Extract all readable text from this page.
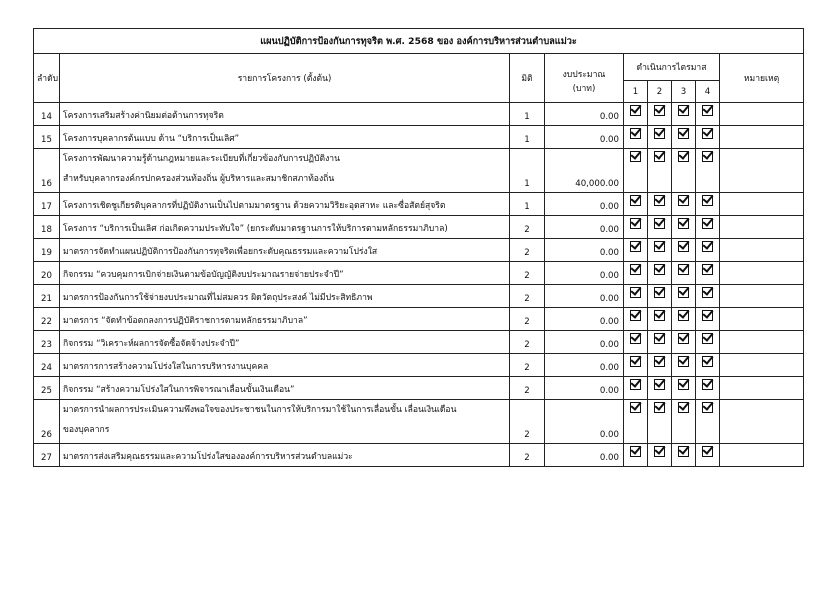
แผนปฏิบัติการป้องกันการทุจริต พ.ศ. 2568 ของ องค์การบริหารส่วนตำบลแม่วะ								
ลำดับ	รายการโครงการ (ตั้งต้น)	มิติ	งบประมาณ	ดำเนินการไตรมาส				หมายเหตุ
			(บาท)	1	2	3	4	
14	โครงการเสริมสร้างค่านิยมต่อต้านการทุจริต	1	0.00					
15	โครงการบุคลากรต้นแบบ ด้าน “บริการเป็นเลิศ”	1	0.00					
16	โครงการพัฒนาความรู้ด้านกฎหมายและระเบียบที่เกี่ยวข้องกับการปฏิบัติงาน
สำหรับบุคลากรองค์กรปกครองส่วนท้องถิ่น ผู้บริหารและสมาชิกสภาท้องถิ่น	1	40,000.00					
17	โครงการเชิดชูเกียรติบุคลากรที่ปฏิบัติงานเป็นไปตามมาตรฐาน ด้วยความวิริยะอุตสาหะ และซื่อสัตย์สุจริต	1	0.00					
18	โครงการ “บริการเป็นเลิศ ก่อเกิดความประทับใจ” (ยกระดับมาตรฐานการให้บริการตามหลักธรรมาภิบาล)	2	0.00					
19	มาตรการจัดทำแผนปฏิบัติการป้องกันการทุจริตเพื่อยกระดับคุณธรรมและความโปร่งใส	2	0.00					
20	กิจกรรม “ควบคุมการเบิกจ่ายเงินตามข้อบัญญัติงบประมาณรายจ่ายประจำปี”	2	0.00					
21	มาตรการป้องกันการใช้จ่ายงบประมาณที่ไม่สมควร ผิดวัตถุประสงค์ ไม่มีประสิทธิภาพ	2	0.00					
22	มาตรการ “จัดทำข้อตกลงการปฏิบัติราชการตามหลักธรรมาภิบาล”	2	0.00					
23	กิจกรรม “วิเคราะห์ผลการจัดซื้อจัดจ้างประจำปี”	2	0.00					
24	มาตรการการสร้างความโปร่งใสในการบริหารงานบุคคล	2	0.00					
25	กิจกรรม “สร้างความโปร่งใสในการพิจารณาเลื่อนขั้นเงินเดือน”	2	0.00					
26	มาตรการนำผลการประเมินความพึงพอใจของประชาชนในการให้บริการมาใช้ในการเลื่อนขั้น เลื่อนเงินเดือน
ของบุคลากร	2	0.00					
27	มาตรการส่งเสริมคุณธรรมและความโปร่งใสขององค์การบริหารส่วนตำบลแม่วะ	2	0.00					
